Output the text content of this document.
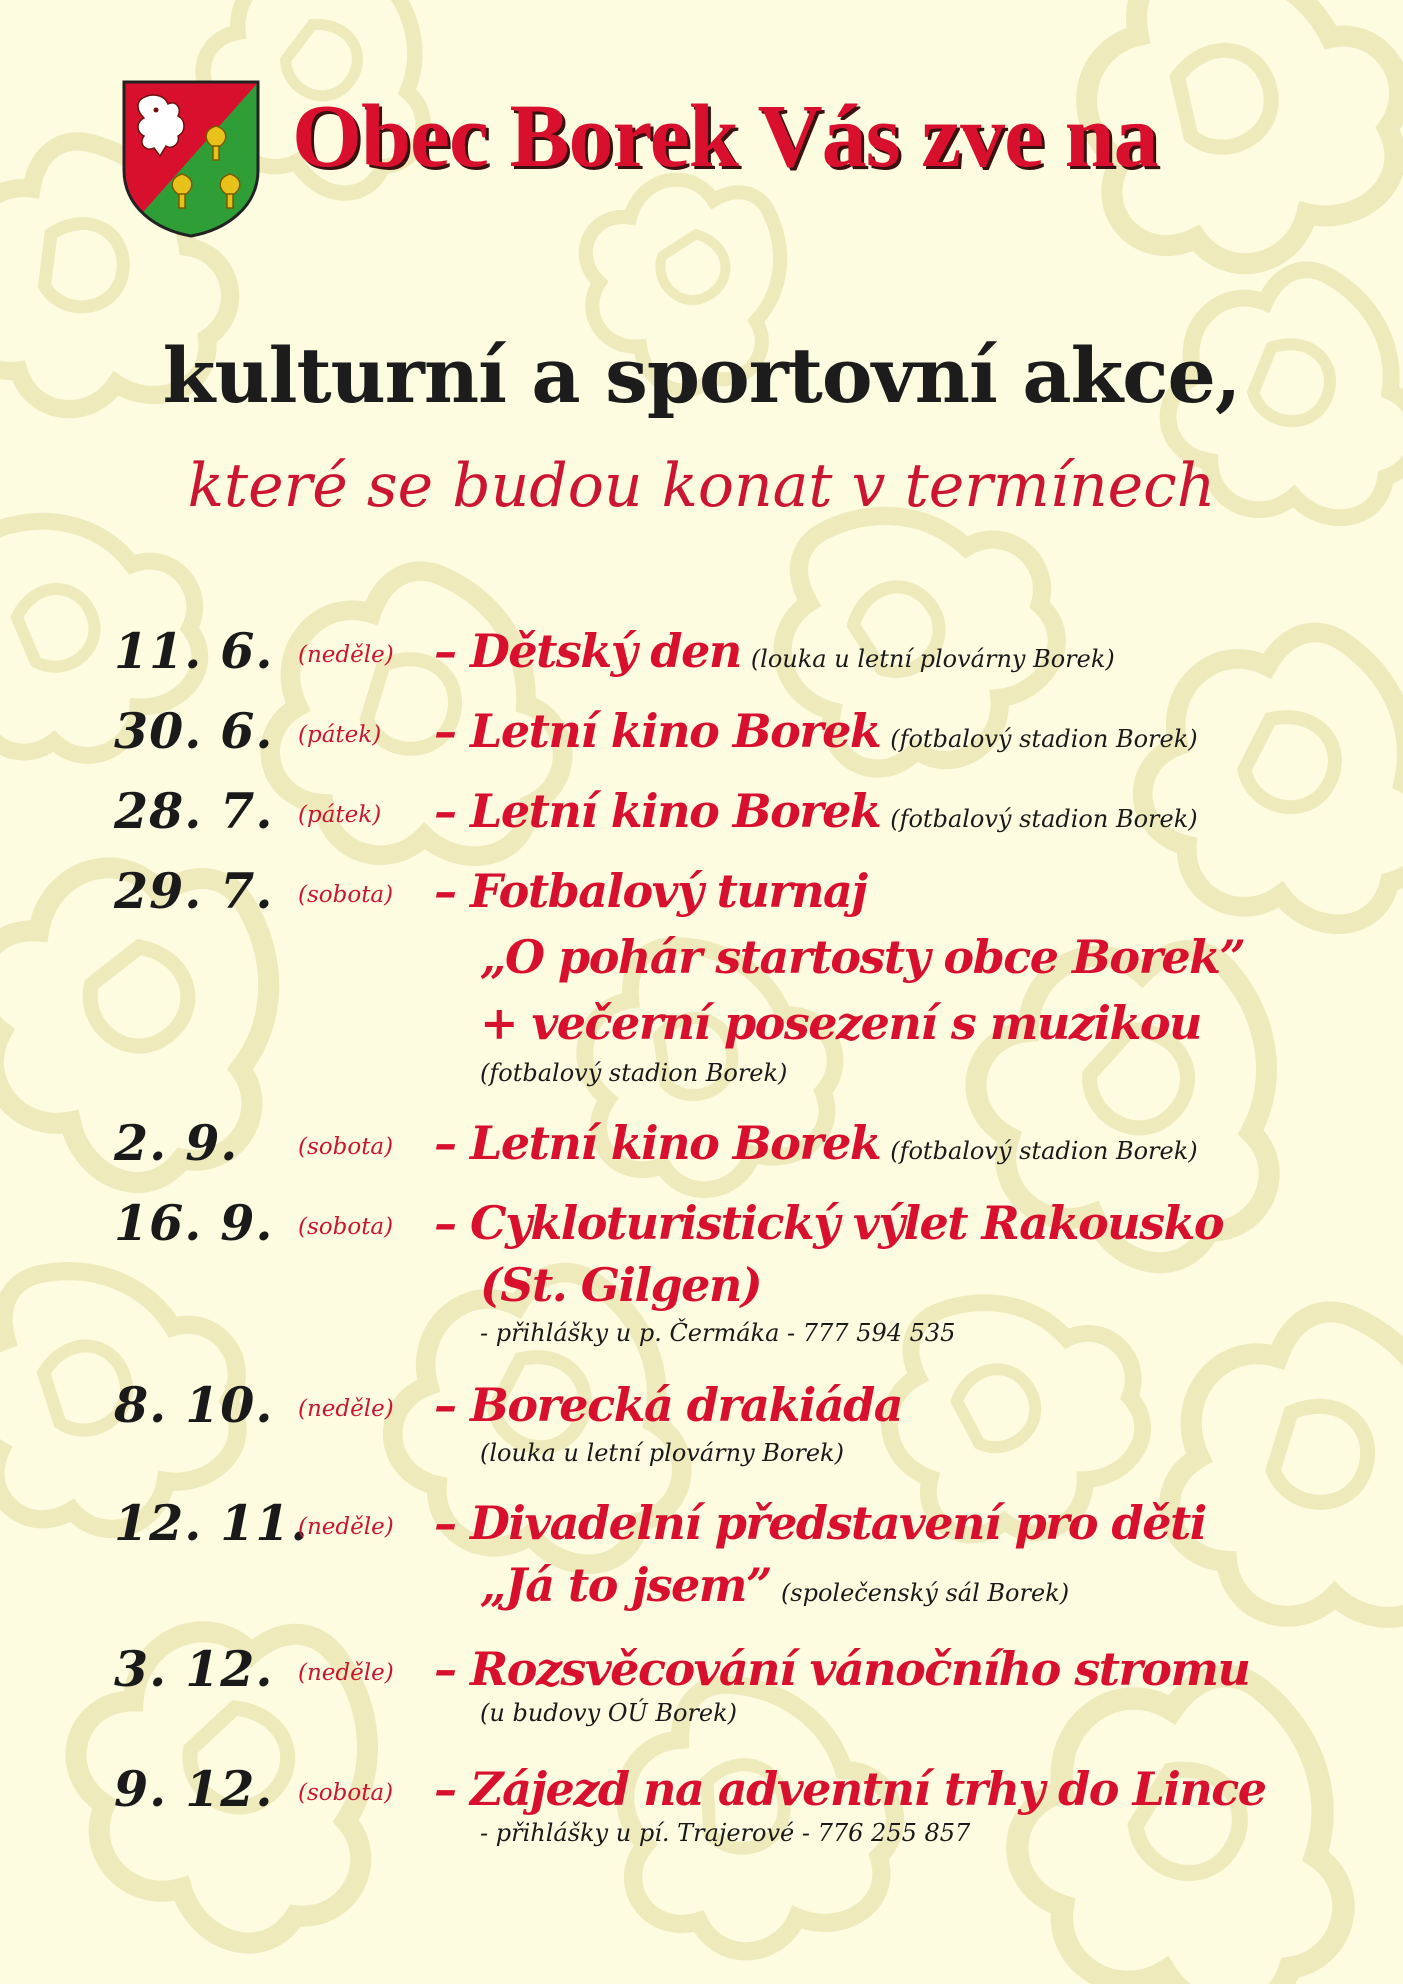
Obec Borek Vás zve na
kulturní a sportovní akce,
které se budou konat v termínech
11. 6. (neděle) – Dětský den (louka u letní plovárny Borek)
30. 6. (pátek) – Letní kino Borek (fotbalový stadion Borek)
28. 7. (pátek) – Letní kino Borek (fotbalový stadion Borek)
29. 7. (sobota) – Fotbalový turnaj
„O pohár startosty obce Borek”
+ večerní posezení s muzikou
(fotbalový stadion Borek)
2. 9.	(sobota) – Letní kino Borek (fotbalový stadion Borek)
16. 9. (sobota) – Cykloturistický výlet Rakousko
(St. Gilgen)
- přihlášky u p. Čermáka - 777 594 535
8. 10. (neděle) – Borecká drakiáda
(louka u letní plovárny Borek)
12. 11.
(neděle) – Divadelní představení pro děti
„Já to jsem” (společenský sál Borek)
3. 12. (neděle) – Rozsvěcování vánočního stromu
(u budovy OÚ Borek)
9. 12. (sobota) – Zájezd na adventní trhy do Lince
- přihlášky u pí. Trajerové - 776 255 857
